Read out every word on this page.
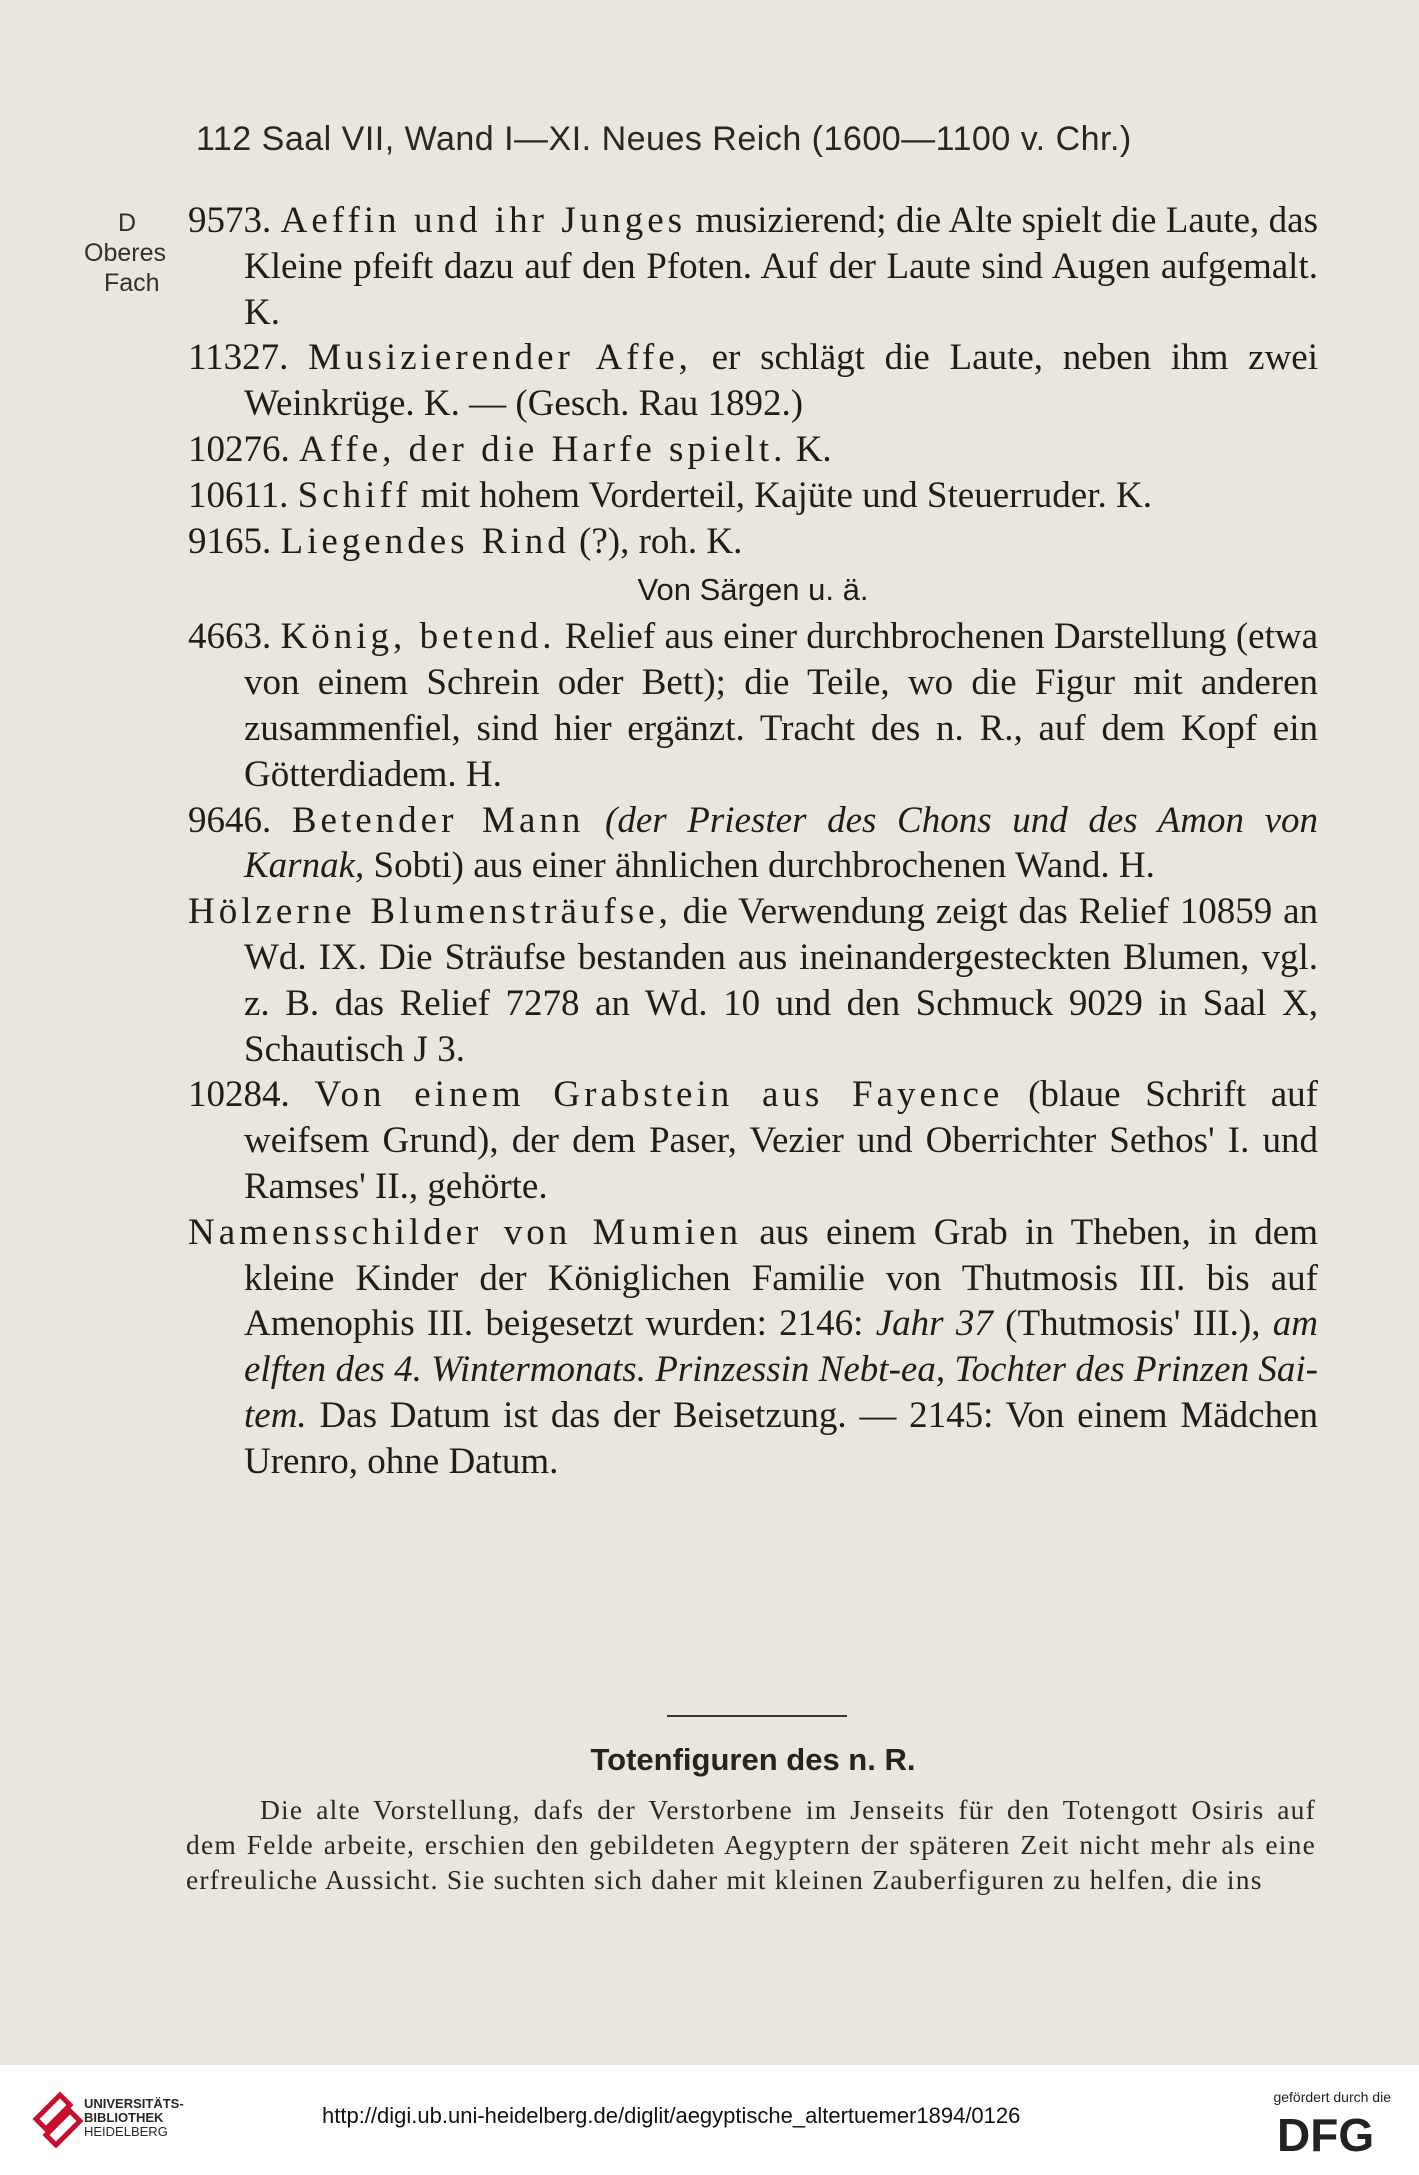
112 Saal VII, Wand I—XI. Neues Reich (1600—1100 v. Chr.)
D
Oberes
Fach

9573. Aeffin und ihr Junges musizierend; die Alte spielt die Laute, das Kleine pfeift dazu auf den Pfoten. Auf der Laute sind Augen aufgemalt. K.

11327. Musizierender Affe, er schlägt die Laute, neben ihm zwei Weinkrüge. K. — (Gesch. Rau 1892.)

10276. Affe, der die Harfe spielt. K.

10611. Schiff mit hohem Vorderteil, Kajüte und Steuerruder. K.

9165. Liegendes Rind (?), roh. K.

Von Särgen u. ä.

4663. König, betend. Relief aus einer durchbrochenen Darstellung (etwa von einem Schrein oder Bett); die Teile, wo die Figur mit anderen zusammenfiel, sind hier ergänzt. Tracht des n. R., auf dem Kopf ein Götterdiadem. H.

9646. Betender Mann (der Priester des Chons und des Amon von Karnak, Sobti) aus einer ähnlichen durchbrochenen Wand. H.

Hölzerne Blumensträufse, die Verwendung zeigt das Relief 10859 an Wd. IX. Die Sträufse bestanden aus ineinandergesteckten Blumen, vgl. z. B. das Relief 7278 an Wd. 10 und den Schmuck 9029 in Saal X, Schautisch J 3.

10284. Von einem Grabstein aus Fayence (blaue Schrift auf weifsem Grund), der dem Paser, Vezier und Oberrichter Sethos' I. und Ramses' II., gehörte.

Namensschilder von Mumien aus einem Grab in Theben, in dem kleine Kinder der Königlichen Familie von Thutmosis III. bis auf Amenophis III. beigesetzt wurden: 2146: Jahr 37 (Thutmosis' III.), am elften des 4. Wintermonats. Prinzessin Nebt-ea, Tochter des Prinzen Sai-tem. Das Datum ist das der Beisetzung. — 2145: Von einem Mädchen Urenro, ohne Datum.

Totenfiguren des n. R.

Die alte Vorstellung, dafs der Verstorbene im Jenseits für den Totengott Osiris auf dem Felde arbeite, erschien den gebildeten Aegyptern der späteren Zeit nicht mehr als eine erfreuliche Aussicht. Sie suchten sich daher mit kleinen Zauberfiguren zu helfen, die ins

UNIVERSITÄTS-
BIBLIOTHEK
HEIDELBERG
http://digi.ub.uni-heidelberg.de/diglit/aegyptische_altertuemer1894/0126
gefördert durch die
DFG
